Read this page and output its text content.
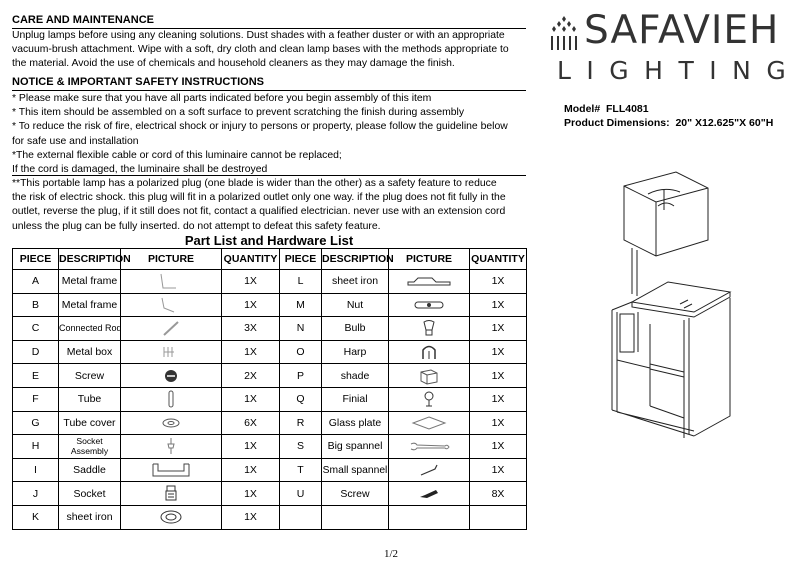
CARE AND MAINTENANCE

Unplug lamps before using any cleaning solutions. Dust shades with a feather duster or with an appropriate

vacuum-brush attachment. Wipe with a soft, dry cloth and clean lamp bases with the methods appropriate to

the material. Avoid the use of chemicals and household cleaners as they may damage the finish.

NOTICE & IMPORTANT SAFETY INSTRUCTIONS

* Please make sure that you have all parts indicated before you begin assembly of this item

* This item should be assembled on a soft surface to prevent scratching the finish during assembly

* To reduce the risk of fire, electrical shock or injury to persons or property, please follow the guideline below

for safe use and installation

*The external flexible cable or cord of this luminaire cannot be replaced;

If the cord is damaged, the luminaire shall be destroyed

**This portable lamp has a polarized plug (one blade is wider than the other) as a safety feature to reduce

the risk of electric shock. this plug will fit in a polarized outlet only one way. if the plug does not fit fully in the

outlet, reverse the plug, if it still does not fit, contact a qualified electrician. never use with an extension cord

unless the plug can be fully inserted. do not attempt to defeat this safety feature.

Part List and Hardware List
PIECE	DESCRIPTION	PICTURE	QUANTITY	PIECE	DESCRIPTION	PICTURE	QUANTITY
A	Metal frame		1X	L	sheet iron		1X
B	Metal frame		1X	M	Nut		1X
C	Connected Rod		3X	N	Bulb		1X
D	Metal box		1X	O	Harp		1X
E	Screw		2X	P	shade		1X
F	Tube		1X	Q	Finial		1X
G	Tube cover		6X	R	Glass plate		1X
H	Socket Assembly		1X	S	Big spannel		1X
I	Saddle		1X	T	Small spannel		1X
J	Socket		1X	U	Screw		8X
K	sheet iron		1X				
1/2
SAFAVIEH
LIGHTING
Model# FLL4081
Product Dimensions: 20" X12.625"X 60"H
